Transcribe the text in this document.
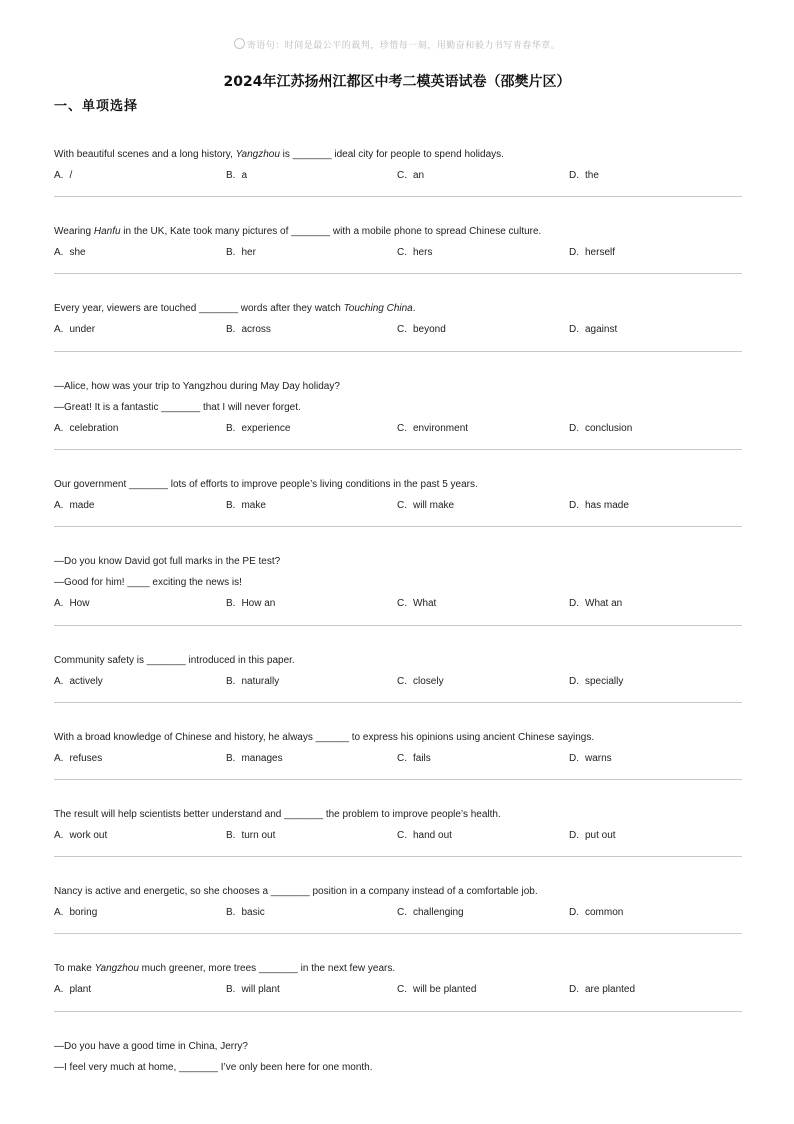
寄语句：时间是最公平的裁判，珍惜每一刻，用勤奋和毅力书写青春华章。
2024年江苏扬州江都区中考二模英语试卷（邵樊片区）
一、单项选择
With beautiful scenes and a long history, Yangzhou is _______ ideal city for people to spend holidays.
A. /	B. a	C. an	D. the
Wearing Hanfu in the UK, Kate took many pictures of _______ with a mobile phone to spread Chinese culture.
A. she	B. her	C. hers	D. herself
Every year, viewers are touched _______ words after they watch Touching China.
A. under	B. across	C. beyond	D. against
—Alice, how was your trip to Yangzhou during May Day holiday?
—Great! It is a fantastic _______ that I will never forget.
A. celebration	B. experience	C. environment	D. conclusion
Our government _______ lots of efforts to improve people’s living conditions in the past 5 years.
A. made	B. make	C. will make	D. has made
—Do you know David got full marks in the PE test?
—Good for him! ____ exciting the news is!
A. How	B. How an	C. What	D. What an
Community safety is _______ introduced in this paper.
A. actively	B. naturally	C. closely	D. specially
With a broad knowledge of Chinese and history, he always ______ to express his opinions using ancient Chinese sayings.
A. refuses	B. manages	C. fails	D. warns
The result will help scientists better understand and _______ the problem to improve people’s health.
A. work out	B. turn out	C. hand out	D. put out
Nancy is active and energetic, so she chooses a _______ position in a company instead of a comfortable job.
A. boring	B. basic	C. challenging	D. common
To make Yangzhou much greener, more trees _______ in the next few years.
A. plant	B. will plant	C. will be planted	D. are planted
—Do you have a good time in China, Jerry?
—I feel very much at home, _______ I’ve only been here for one month.
